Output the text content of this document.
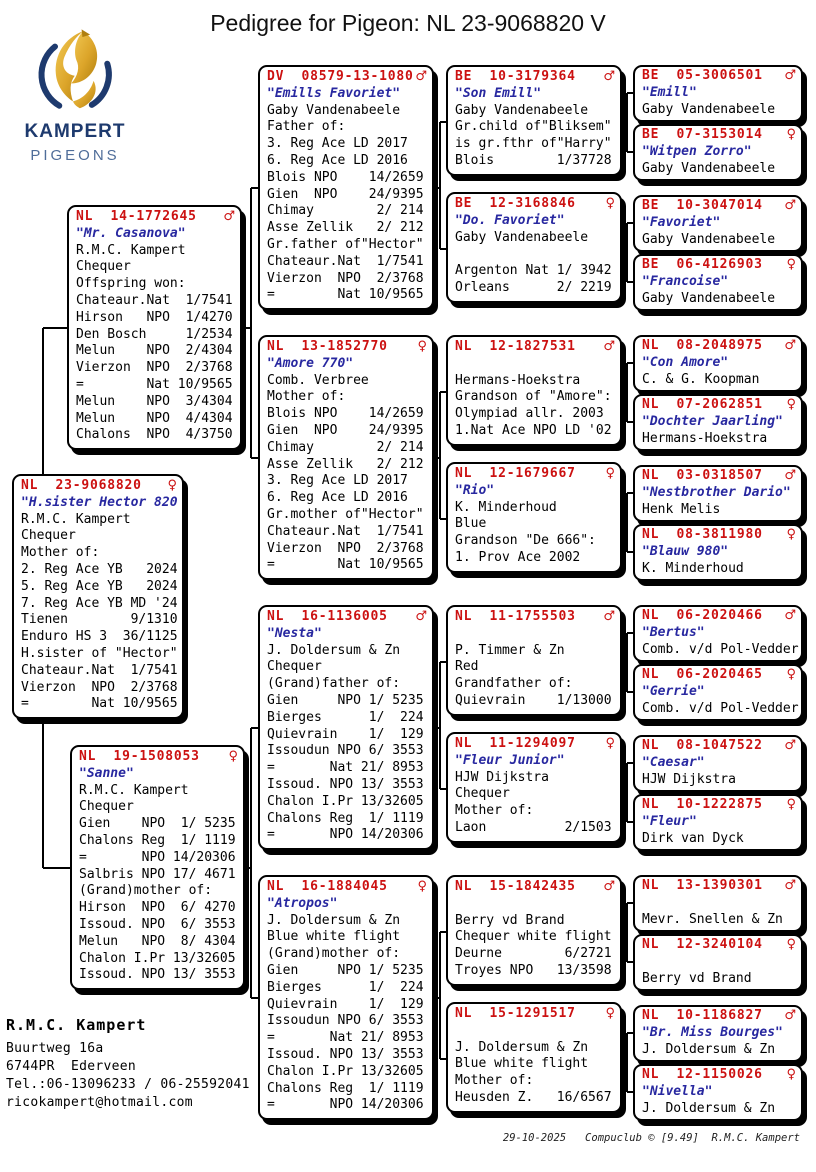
Pedigree for Pigeon: NL 23-9068820 V
KAMPERT
PIGEONS
NL  23-9068820 ♀
"H.sister Hector 820
R.M.C. Kampert
Chequer
Mother of:
2. Reg Ace YB   2024
5. Reg Ace YB   2024
7. Reg Ace YB MD '24
Tienen        9/1310
Enduro HS 3  36/1125
H.sister of "Hector"
Chateaur.Nat  1/7541
Vierzon  NPO  2/3768
=        Nat 10/9565
NL  14-1772645 ♂
"Mr. Casanova"
R.M.C. Kampert
Chequer
Offspring won:
Chateaur.Nat  1/7541
Hirson   NPO  1/4270
Den Bosch     1/2534
Melun    NPO  2/4304
Vierzon  NPO  2/3768
=        Nat 10/9565
Melun    NPO  3/4304
Melun    NPO  4/4304
Chalons  NPO  4/3750
NL  19-1508053 ♀
"Sanne"
R.M.C. Kampert
Chequer
Gien    NPO  1/ 5235
Chalons Reg  1/ 1119
=       NPO 14/20306
Salbris NPO 17/ 4671
(Grand)mother of:
Hirson  NPO  6/ 4270
Issoud. NPO  6/ 3553
Melun   NPO  8/ 4304
Chalon I.Pr 13/32605
Issoud. NPO 13/ 3553
DV  08579-13-1080 ♂
"Emills Favoriet"
Gaby Vandenabeele
Father of:
3. Reg Ace LD 2017
6. Reg Ace LD 2016
Blois NPO    14/2659
Gien  NPO    24/9395
Chimay        2/ 214
Asse Zellik   2/ 212
Gr.father of"Hector"
Chateaur.Nat  1/7541
Vierzon  NPO  2/3768
=        Nat 10/9565
NL  13-1852770 ♀
"Amore 770"
Comb. Verbree
Mother of:
Blois NPO    14/2659
Gien  NPO    24/9395
Chimay        2/ 214
Asse Zellik   2/ 212
3. Reg Ace LD 2017
6. Reg Ace LD 2016
Gr.mother of"Hector"
Chateaur.Nat  1/7541
Vierzon  NPO  2/3768
=        Nat 10/9565
NL  16-1136005 ♂
"Nesta"
J. Doldersum & Zn
Chequer
(Grand)father of:
Gien     NPO 1/ 5235
Bierges      1/  224
Quievrain    1/  129
Issoudun NPO 6/ 3553
=       Nat 21/ 8953
Issoud. NPO 13/ 3553
Chalon I.Pr 13/32605
Chalons Reg  1/ 1119
=       NPO 14/20306
NL  16-1884045 ♀
"Atropos"
J. Doldersum & Zn
Blue white flight
(Grand)mother of:
Gien     NPO 1/ 5235
Bierges      1/  224
Quievrain    1/  129
Issoudun NPO 6/ 3553
=       Nat 21/ 8953
Issoud. NPO 13/ 3553
Chalon I.Pr 13/32605
Chalons Reg  1/ 1119
=       NPO 14/20306
BE  10-3179364 ♂
"Son Emill"
Gaby Vandenabeele
Gr.child of"Bliksem"
is gr.fthr of"Harry"
Blois        1/37728
BE  12-3168846 ♀
"Do. Favoriet"
Gaby Vandenabeele

Argenton Nat 1/ 3942
Orleans      2/ 2219
NL  12-1827531 ♂
Hermans-Hoekstra
Grandson of "Amore":
Olympiad allr. 2003
1.Nat Ace NPO LD '02
NL  12-1679667 ♀
"Rio"
K. Minderhoud
Blue
Grandson "De 666":
1. Prov Ace 2002
NL  11-1755503 ♂
P. Timmer & Zn
Red
Grandfather of:
Quievrain    1/13000
NL  11-1294097 ♀
"Fleur Junior"
HJW Dijkstra
Chequer
Mother of:
Laon          2/1503
NL  15-1842435 ♂
Berry vd Brand
Chequer white flight
Deurne        6/2721
Troyes NPO   13/3598
NL  15-1291517 ♀
J. Doldersum & Zn
Blue white flight
Mother of:
Heusden Z.   16/6567
BE  05-3006501 ♂
"Emill"
Gaby Vandenabeele
BE  07-3153014 ♀
"Witpen Zorro"
Gaby Vandenabeele
BE  10-3047014 ♂
"Favoriet"
Gaby Vandenabeele
BE  06-4126903 ♀
"Francoise"
Gaby Vandenabeele
NL  08-2048975 ♂
"Con Amore"
C. & G. Koopman
NL  07-2062851 ♀
"Dochter Jaarling"
Hermans-Hoekstra
NL  03-0318507 ♂
"Nestbrother Dario"
Henk Melis
NL  08-3811980 ♀
"Blauw 980"
K. Minderhoud
NL  06-2020466 ♂
"Bertus"
Comb. v/d Pol-Vedder
NL  06-2020465 ♀
"Gerrie"
Comb. v/d Pol-Vedder
NL  08-1047522 ♂
"Caesar"
HJW Dijkstra
NL  10-1222875 ♀
"Fleur"
Dirk van Dyck
NL  13-1390301 ♂
Mevr. Snellen & Zn
NL  12-3240104 ♀
Berry vd Brand
NL  10-1186827 ♂
"Br. Miss Bourges"
J. Doldersum & Zn
NL  12-1150026 ♀
"Nivella"
J. Doldersum & Zn
R.M.C. Kampert
Buurtweg 16a
6744PR  Ederveen
Tel.:06-13096233 / 06-25592041
ricokampert@hotmail.com
29-10-2025   Compuclub © [9.49]  R.M.C. Kampert
